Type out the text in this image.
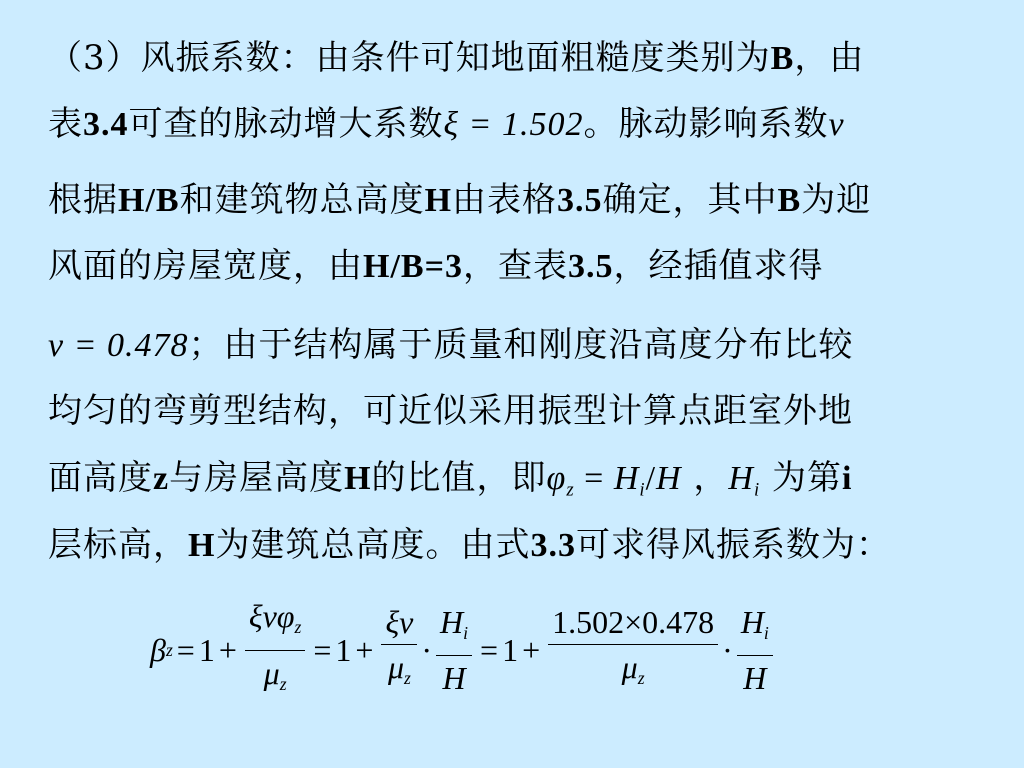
（3）风振系数：由条件可知地面粗糙度类别为B，由
表3.4可查的脉动增大系数ξ = 1.502。脉动影响系数ν
根据H/B和建筑物总高度H由表格3.5确定，其中B为迎
风面的房屋宽度，由H/B=3，查表3.5，经插值求得
ν = 0.478；由于结构属于质量和刚度沿高度分布比较
均匀的弯剪型结构，可近似采用振型计算点距室外地
面高度z与房屋高度H的比值，即$\varphi_z = H_i/H$ ，$H_i$ 为第i
层标高，H为建筑总高度。由式3.3可求得风振系数为：
β $z = 1 + \frac{\xi\nu\varphi_z}{\mu_z} = 1 + \frac{\xi\nu}{\mu_z} \cdot \frac{H_i}{H} = 1 + \frac{1.502\times 0.478}{\mu_z} \cdot \frac{H_i}{H}$
